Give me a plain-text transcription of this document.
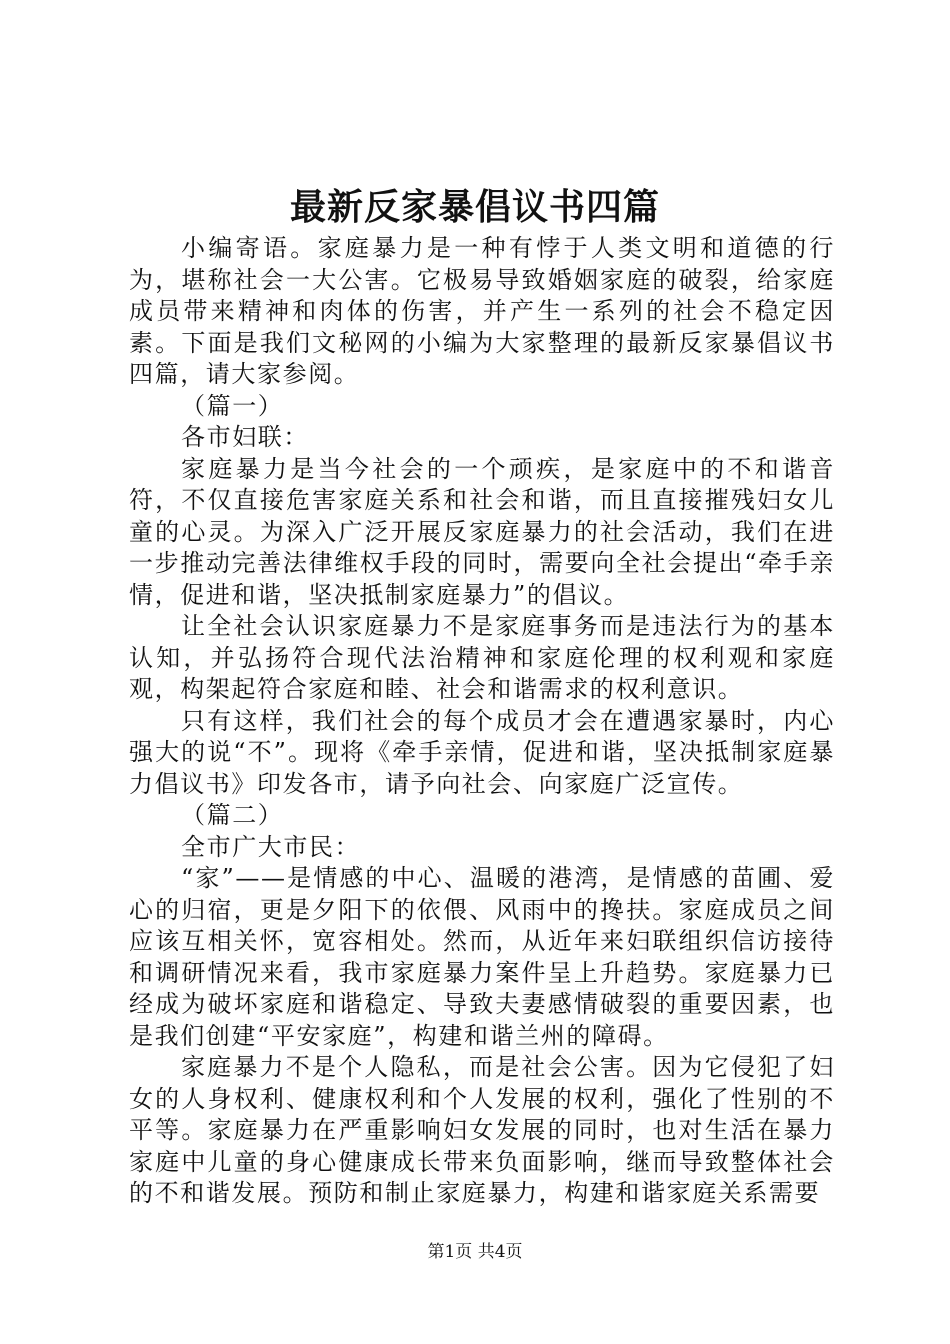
最新反家暴倡议书四篇

小编寄语。家庭暴力是一种有悖于人类文明和道德的行为，堪称社会一大公害。它极易导致婚姻家庭的破裂，给家庭成员带来精神和肉体的伤害，并产生一系列的社会不稳定因素。下面是我们文秘网的小编为大家整理的最新反家暴倡议书四篇，请大家参阅。

（篇一）

各市妇联：

家庭暴力是当今社会的一个顽疾，是家庭中的不和谐音符，不仅直接危害家庭关系和社会和谐，而且直接摧残妇女儿童的心灵。为深入广泛开展反家庭暴力的社会活动，我们在进一步推动完善法律维权手段的同时，需要向全社会提出“牵手亲情，促进和谐，坚决抵制家庭暴力”的倡议。

让全社会认识家庭暴力不是家庭事务而是违法行为的基本认知，并弘扬符合现代法治精神和家庭伦理的权利观和家庭观，构架起符合家庭和睦、社会和谐需求的权利意识。

只有这样，我们社会的每个成员才会在遭遇家暴时，内心强大的说“不”。现将《牵手亲情，促进和谐，坚决抵制家庭暴力倡议书》印发各市，请予向社会、向家庭广泛宣传。

（篇二）

全市广大市民：

“家”——是情感的中心、温暖的港湾，是情感的苗圃、爱心的归宿，更是夕阳下的依偎、风雨中的搀扶。家庭成员之间应该互相关怀，宽容相处。然而，从近年来妇联组织信访接待和调研情况来看，我市家庭暴力案件呈上升趋势。家庭暴力已经成为破坏家庭和谐稳定、导致夫妻感情破裂的重要因素，也是我们创建“平安家庭”，构建和谐兰州的障碍。

家庭暴力不是个人隐私，而是社会公害。因为它侵犯了妇女的人身权利、健康权利和个人发展的权利，强化了性别的不平等。家庭暴力在严重影响妇女发展的同时，也对生活在暴力家庭中儿童的身心健康成长带来负面影响，继而导致整体社会的不和谐发展。预防和制止家庭暴力，构建和谐家庭关系需要

第1页 共4页
